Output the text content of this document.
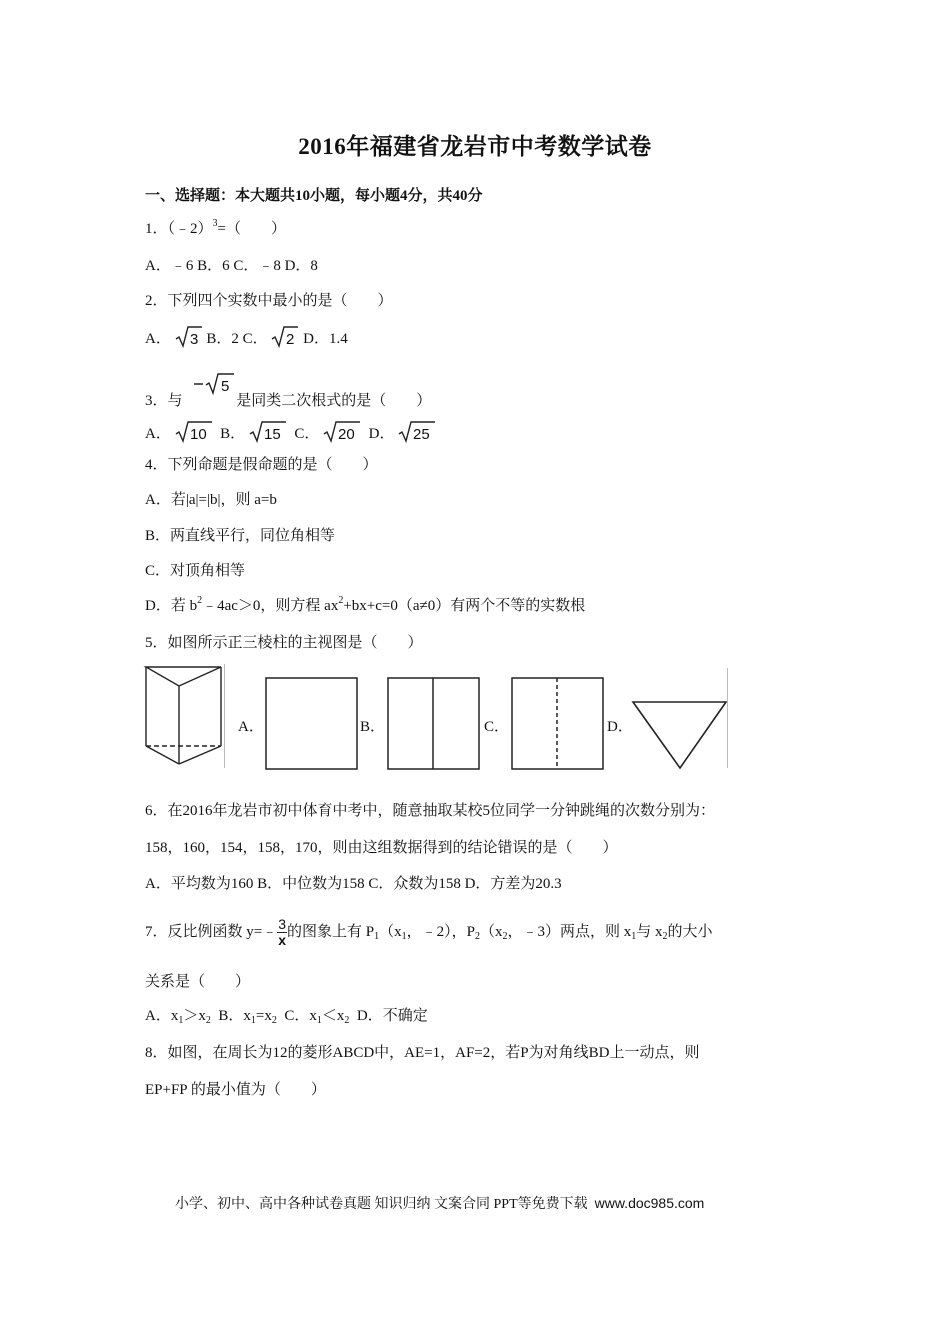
2016年福建省龙岩市中考数学试卷
一、选择题：本大题共10小题，每小题4分，共40分
1．（﹣2）$^3$=（　　）
A．﹣6 B．6 C．﹣8 D．8
2．下列四个实数中最小的是（　　）
A． 3 B．2 C． 2 D．1.4
3．与
5
是同类二次根式的是（　　）
A． 10 B． 15 C． 20 D． 25
4．下列命题是假命题的是（　　）
A．若|a|=|b|，则 a=b
B．两直线平行，同位角相等
C．对顶角相等
D．若 $b^2﹣4ac>0$，则方程 $ax^2+bx+c=0(a\ne 0)$有两个不等的实数根
5．如图所示正三棱柱的主视图是（　　）
A．	B．	C．	D．
6．在2016年龙岩市初中体育中考中，随意抽取某校5位同学一分钟跳绳的次数分别为：
158，160，154，158，170，则由这组数据得到的结论错误的是（　　）
A．平均数为160 B．中位数为158 C．众数为158 D．方差为20.3
7．反比例函数 y=﹣ $\frac{3}{x}$ 的图象上有 $P_1(x_1$，﹣2），$P_2(x_2$，﹣3）两点，则 $x_1$与 $x_2$的大小
关系是（　　）
A．$x_1>x_2$  B．$x_1=x_2$  C．$x_1<x_2$  D．不确定
8．如图，在周长为12的菱形ABCD中，AE=1，AF=2，若P为对角线BD上一动点，则
EP+FP 的最小值为（　　）
小学、初中、高中各种试卷真题 知识归纳 文案合同 PPT等免费下载 www.doc985.com
